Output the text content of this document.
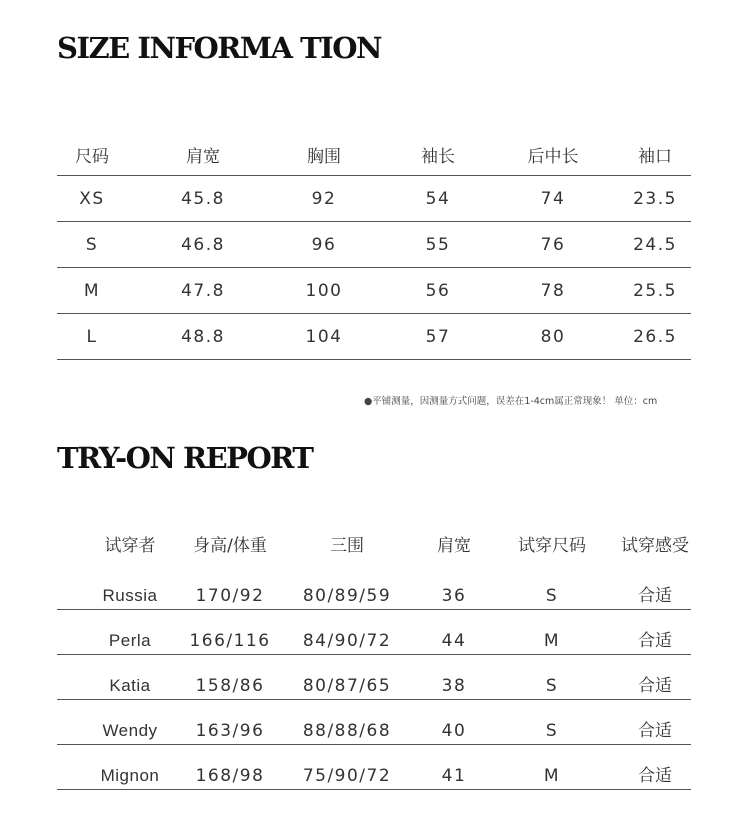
SIZE INFORMA TION
尺码	肩宽	胸围	袖长	后中长	袖口
XS	45.8	92	54	74	23.5
S	46.8	96	55	76	24.5
M	47.8	100	56	78	25.5
L	48.8	104	57	80	26.5
●平铺测量，因测量方式问题，误差在1-4cm属正常现象！ 单位：cm
TRY-ON REPORT
试穿者	身高/体重	三围	肩宽	试穿尺码	试穿感受
Russia	170/92	80/89/59	36	S	合适
Perla	166/116	84/90/72	44	M	合适
Katia	158/86	80/87/65	38	S	合适
Wendy	163/96	88/88/68	40	S	合适
Mignon	168/98	75/90/72	41	M	合适
